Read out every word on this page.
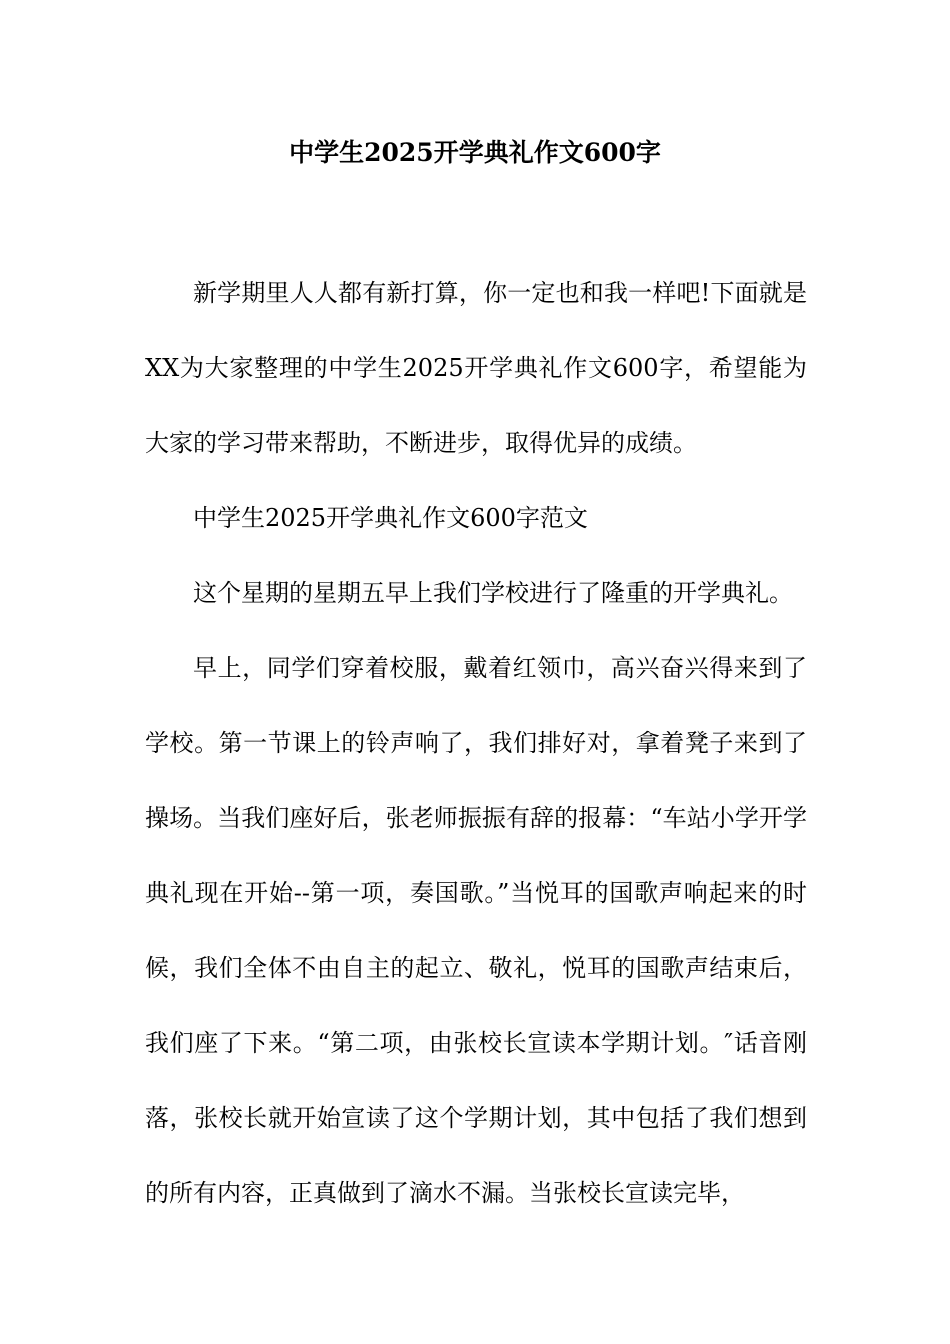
中学生2025开学典礼作文600字

新学期里人人都有新打算，你一定也和我一样吧!下面就是XX为大家整理的中学生2025开学典礼作文600字，希望能为大家的学习带来帮助，不断进步，取得优异的成绩。

中学生2025开学典礼作文600字范文

这个星期的星期五早上我们学校进行了隆重的开学典礼。

早上，同学们穿着校服，戴着红领巾，高兴奋兴得来到了学校。第一节课上的铃声响了，我们排好对，拿着凳子来到了操场。当我们座好后，张老师振振有辞的报幕：“车站小学开学典礼现在开始--第一项，奏国歌。”当悦耳的国歌声响起来的时候，我们全体不由自主的起立、敬礼，悦耳的国歌声结束后，我们座了下来。“第二项，由张校长宣读本学期计划。″话音刚落，张校长就开始宣读了这个学期计划，其中包括了我们想到的所有内容，正真做到了滴水不漏。当张校长宣读完毕，
